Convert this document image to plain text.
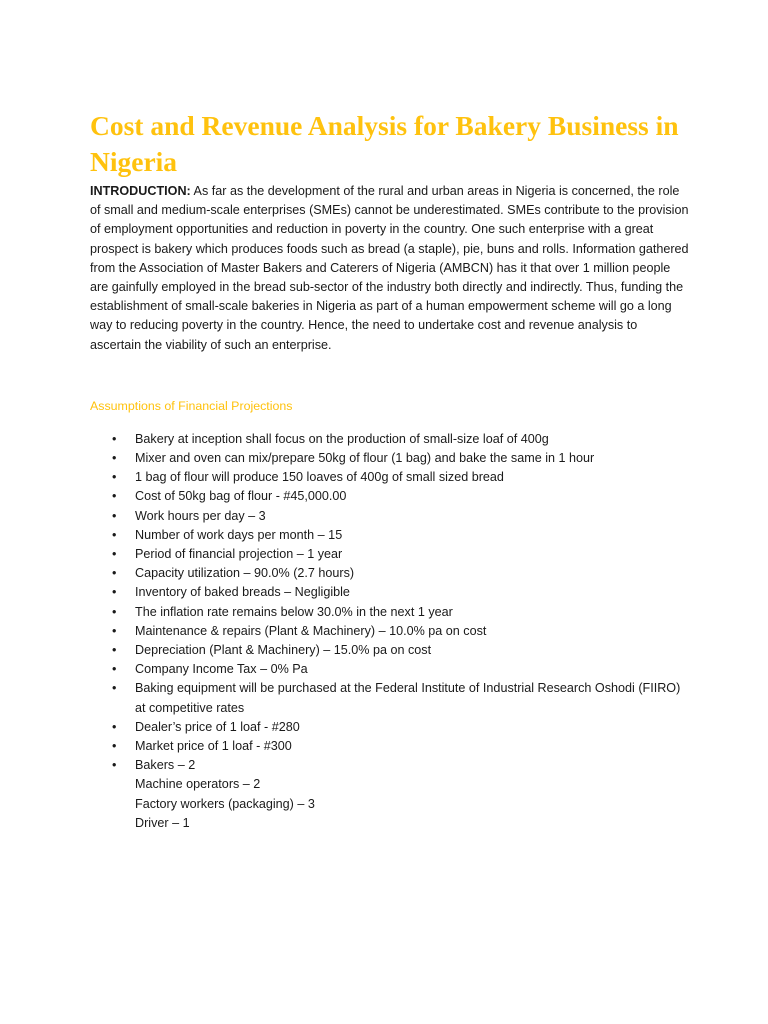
Cost and Revenue Analysis for Bakery Business in Nigeria

INTRODUCTION: As far as the development of the rural and urban areas in Nigeria is concerned, the role of small and medium-scale enterprises (SMEs) cannot be underestimated. SMEs contribute to the provision of employment opportunities and reduction in poverty in the country. One such enterprise with a great prospect is bakery which produces foods such as bread (a staple), pie, buns and rolls. Information gathered from the Association of Master Bakers and Caterers of Nigeria (AMBCN) has it that over 1 million people are gainfully employed in the bread sub-sector of the industry both directly and indirectly. Thus, funding the establishment of small-scale bakeries in Nigeria as part of a human empowerment scheme will go a long way to reducing poverty in the country. Hence, the need to undertake cost and revenue analysis to ascertain the viability of such an enterprise.

Assumptions of Financial Projections
• Bakery at inception shall focus on the production of small-size loaf of 400g
• Mixer and oven can mix/prepare 50kg of flour (1 bag) and bake the same in 1 hour
• 1 bag of flour will produce 150 loaves of 400g of small sized bread
• Cost of 50kg bag of flour - #45,000.00
• Work hours per day – 3
• Number of work days per month – 15
• Period of financial projection – 1 year
• Capacity utilization – 90.0% (2.7 hours)
• Inventory of baked breads – Negligible
• The inflation rate remains below 30.0% in the next 1 year
• Maintenance & repairs (Plant & Machinery) – 10.0% pa on cost
• Depreciation (Plant & Machinery) – 15.0% pa on cost
• Company Income Tax – 0% Pa
• Baking equipment will be purchased at the Federal Institute of Industrial Research Oshodi (FIIRO) at competitive rates
• Dealer’s price of 1 loaf - #280
• Market price of 1 loaf - #300
• Bakers – 2
Machine operators – 2
Factory workers (packaging) – 3
Driver – 1
